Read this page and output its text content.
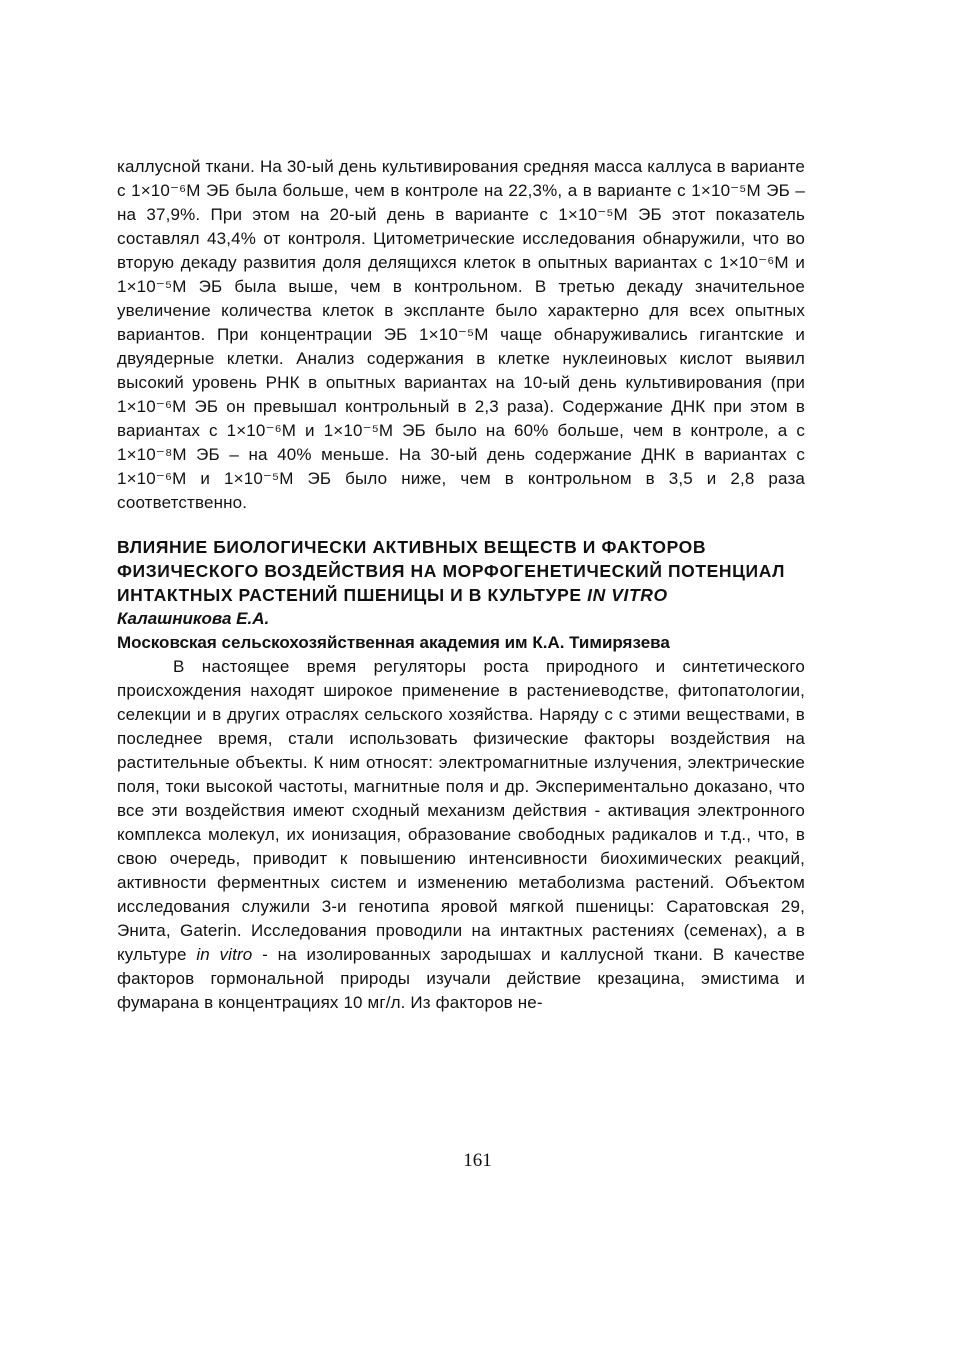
каллусной ткани. На 30-ый день культивирования средняя масса каллуса в варианте с 1×10⁻⁶М ЭБ была больше, чем в контроле на 22,3%, а в варианте с 1×10⁻⁵М ЭБ – на 37,9%. При этом на 20-ый день в варианте с 1×10⁻⁵М ЭБ этот показатель составлял 43,4% от контроля. Цитометрические исследования обнаружили, что во вторую декаду развития доля делящихся клеток в опытных вариантах с 1×10⁻⁶М и 1×10⁻⁵М ЭБ была выше, чем в контрольном. В третью декаду значительное увеличение количества клеток в экспланте было характерно для всех опытных вариантов. При концентрации ЭБ 1×10⁻⁵М чаще обнаруживались гигантские и двуядерные клетки. Анализ содержания в клетке нуклеиновых кислот выявил высокий уровень РНК в опытных вариантах на 10-ый день культивирования (при 1×10⁻⁶М ЭБ он превышал контрольный в 2,3 раза). Содержание ДНК при этом в вариантах с 1×10⁻⁶М и 1×10⁻⁵М ЭБ было на 60% больше, чем в контроле, а с 1×10⁻⁸М ЭБ – на 40% меньше. На 30-ый день содержание ДНК в вариантах с 1×10⁻⁶М и 1×10⁻⁵М ЭБ было ниже, чем в контрольном в 3,5 и 2,8 раза соответственно.

ВЛИЯНИЕ БИОЛОГИЧЕСКИ АКТИВНЫХ ВЕЩЕСТВ И ФАКТОРОВ ФИЗИЧЕСКОГО ВОЗДЕЙСТВИЯ НА МОРФОГЕНЕТИЧЕСКИЙ ПОТЕНЦИАЛ ИНТАКТНЫХ РАСТЕНИЙ ПШЕНИЦЫ И В КУЛЬТУРЕ IN VITRO

Калашникова Е.А.

Московская сельскохозяйственная академия им К.А. Тимирязева

В настоящее время регуляторы роста природного и синтетического происхождения находят широкое применение в растениеводстве, фитопатологии, селекции и в других отраслях сельского хозяйства. Наряду с с этими веществами, в последнее время, стали использовать физические факторы воздействия на растительные объекты. К ним относят: электромагнитные излучения, электрические поля, токи высокой частоты, магнитные поля и др. Экспериментально доказано, что все эти воздействия имеют сходный механизм действия - активация электронного комплекса молекул, их ионизация, образование свободных радикалов и т.д., что, в свою очередь, приводит к повышению интенсивности биохимических реакций, активности ферментных систем и изменению метаболизма растений. Объектом исследования служили 3-и генотипа яровой мягкой пшеницы: Саратовская 29, Энита, Gaterin. Исследования проводили на интактных растениях (семенах), а в культуре in vitro - на изолированных зародышах и каллусной ткани. В качестве факторов гормональной природы изучали действие крезацина, эмистима и фумарана в концентрациях 10 мг/л. Из факторов не-

161
